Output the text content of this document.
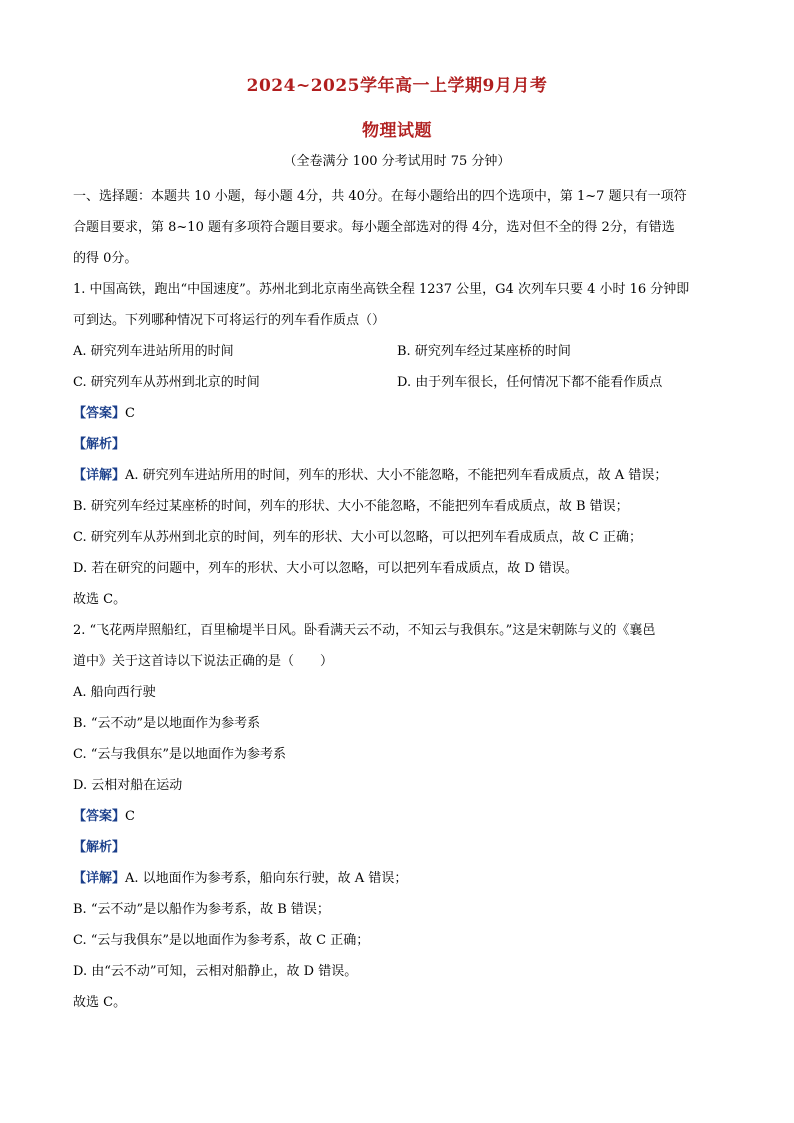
2024~2025学年高一上学期9月月考
物理试题
（全卷满分 100 分考试用时 75 分钟）
一、选择题：本题共 10 小题，每小题 4分，共 40分。在每小题给出的四个选项中，第 1~7 题只有一项符
合题目要求，第 8~10 题有多项符合题目要求。每小题全部选对的得 4分，选对但不全的得 2分，有错选
的得 0分。
1. 中国高铁，跑出“中国速度”。苏州北到北京南坐高铁全程 1237 公里，G4 次列车只要 4 小时 16 分钟即
可到达。下列哪种情况下可将运行的列车看作质点（）
A. 研究列车进站所用的时间	B. 研究列车经过某座桥的时间
C. 研究列车从苏州到北京的时间	D. 由于列车很长，任何情况下都不能看作质点
【答案】C
【解析】
【详解】A. 研究列车进站所用的时间，列车的形状、大小不能忽略，不能把列车看成质点，故 A 错误；
B. 研究列车经过某座桥的时间，列车的形状、大小不能忽略，不能把列车看成质点，故 B 错误；
C. 研究列车从苏州到北京的时间，列车的形状、大小可以忽略，可以把列车看成质点，故 C 正确；
D. 若在研究的问题中，列车的形状、大小可以忽略，可以把列车看成质点，故 D 错误。
故选 C。
2. “飞花两岸照船红，百里榆堤半日风。卧看满天云不动，不知云与我俱东。”这是宋朝陈与义的《襄邑
道中》关于这首诗以下说法正确的是（　　）
A. 船向西行驶
B. “云不动”是以地面作为参考系
C. “云与我俱东”是以地面作为参考系
D. 云相对船在运动
【答案】C
【解析】
【详解】A. 以地面作为参考系，船向东行驶，故 A 错误；
B. “云不动”是以船作为参考系，故 B 错误；
C. “云与我俱东”是以地面作为参考系，故 C 正确；
D. 由“云不动”可知，云相对船静止，故 D 错误。
故选 C。
